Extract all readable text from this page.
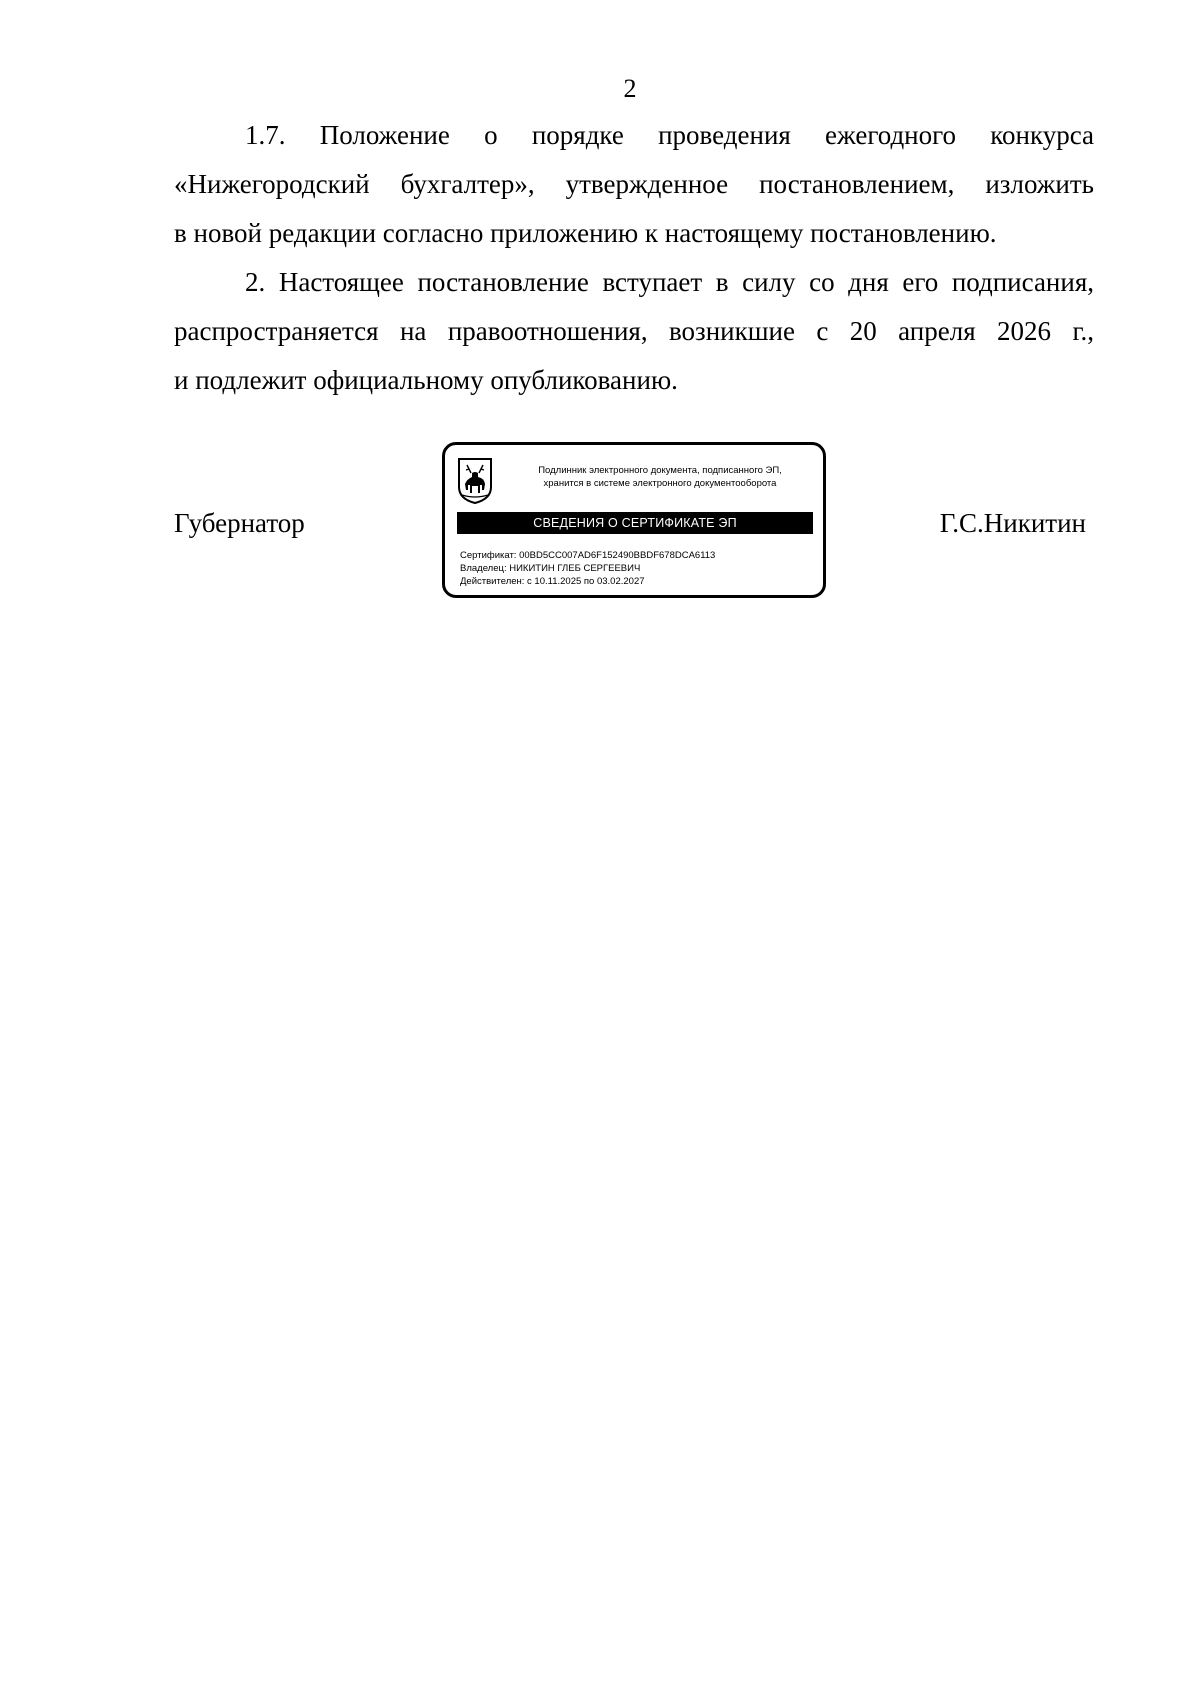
2

1.7. Положение о порядке проведения ежегодного конкурса
«Нижегородский бухгалтер», утвержденное постановлением, изложить
в новой редакции согласно приложению к настоящему постановлению.

2. Настоящее постановление вступает в силу со дня его подписания,
распространяется на правоотношения, возникшие с 20 апреля 2026 г.,
и подлежит официальному опубликованию.

Губернатор	Г.С.Никитин
Подлинник электронного документа, подписанного ЭП,
хранится в системе электронного документооборота
СВЕДЕНИЯ О СЕРТИФИКАТЕ ЭП
Сертификат: 00BD5CC007AD6F152490BBDF678DCA6113
Владелец: НИКИТИН ГЛЕБ СЕРГЕЕВИЧ
Действителен: с 10.11.2025 по 03.02.2027
